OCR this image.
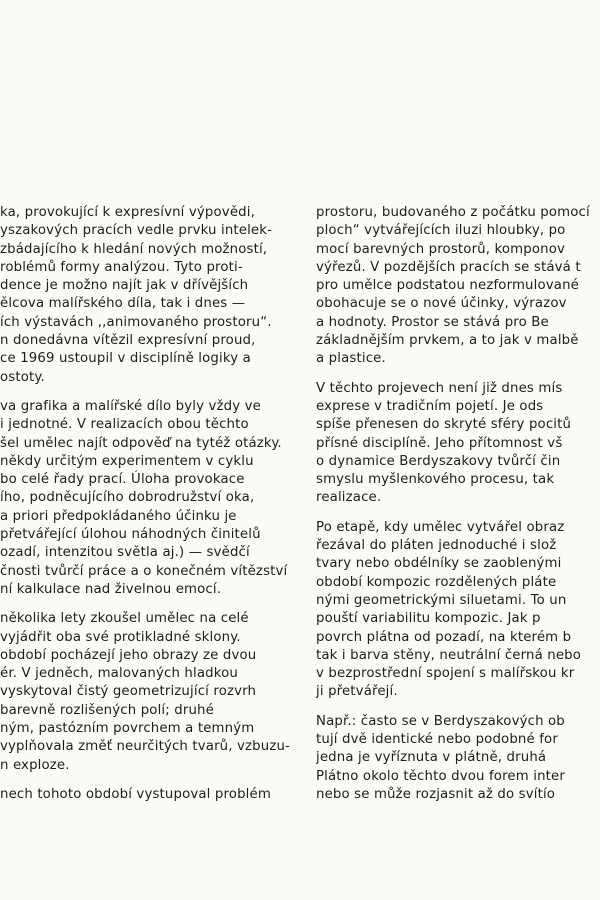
ka, provokující k expresívní výpovědi,
yszakových pracích vedle prvku intelek-
zbádajícího k hledání nových možností,
roblémů formy analýzou. Tyto proti-
dence je možno najít jak v dřívějších
ělcova malířského díla, tak i dnes —
ích výstavách ,,animovaného prostoru“.
n donedávna vítězil expresívní proud,
ce 1969 ustoupil v disciplíně logiky a
ostoty.
va grafika a malířské dílo byly vždy ve
i jednotné. V realizacích obou těchto
šel umělec najít odpověď na tytéž otázky.
někdy určitým experimentem v cyklu
bo celé řady prací. Úloha provokace
ího, podněcujícího dobrodružství oka,
a priori předpokládaného účinku je
přetvářející úlohou náhodných činitelů
ozadí, intenzitou světla aj.) — svědčí
čnosti tvůrčí práce a o konečném vítězství
ní kalkulace nad živelnou emocí.
několika lety zkoušel umělec na celé
vyjádřit oba své protikladné sklony.
období pocházejí jeho obrazy ze dvou
ér. V jedněch, malovaných hladkou
vyskytoval čistý geometrizující rozvrh
barevně rozlišených polí; druhé
ným, pastózním povrchem a temným
vyplňovala změť neurčitých tvarů, vzbuzu-
n explozе.
nech tohoto období vystupoval problém
prostoru, budovaného z počátku pomocí
ploch“ vytvářejících iluzi hloubky, po
mocí barevných prostorů, komponov
výřezů. V pozdějších pracích se stává t
pro umělce podstatou nezformulované
obohacuje se o nové účinky, výrazov
a hodnoty. Prostor se stává pro Be
základnějším prvkem, a to jak v malbě
a plastice.
V těchto projevech není již dnes mís
exprese v tradičním pojetí. Je ods
spíše přenesen do skryté sféry pocitů
přísné disciplíně. Jeho přítomnost vš
o dynamice Berdyszakovy tvůrčí čin
smyslu myšlenkového procesu, tak
realizace.
Po etapě, kdy umělec vytvářel obraz
řezával do pláten jednoduché i slož
tvary nebo obdélníky se zaoblenými
období kompozic rozdělených pláte
nými geometrickými siluetami. To un
pouští variabilitu kompozic. Jak p
povrch plátna od pozadí, na kterém b
tak i barva stěny, neutrální černá nebo
v bezprostřední spojení s malířskou kr
ji přetvářejí.
Např.: často se v Berdyszakových ob
tují dvě identické nebo podobné for
jedna je vyříznuta v plátně, druhá
Plátno okolo těchto dvou forem inter
nebo se může rozjasnit až do svítío
